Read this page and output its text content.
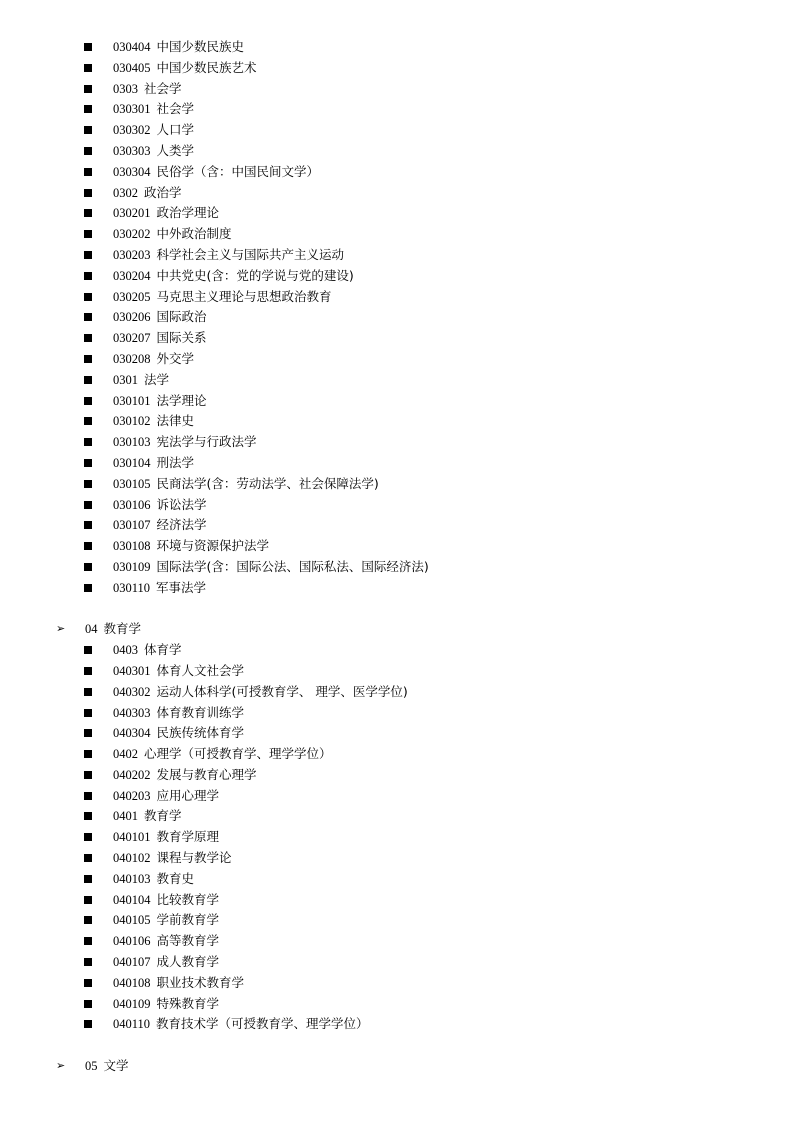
030404 中国少数民族史
030405 中国少数民族艺术
0303 社会学
030301 社会学
030302 人口学
030303 人类学
030304 民俗学（含：中国民间文学）
0302 政治学
030201 政治学理论
030202 中外政治制度
030203 科学社会主义与国际共产主义运动
030204 中共党史(含：党的学说与党的建设)
030205 马克思主义理论与思想政治教育
030206 国际政治
030207 国际关系
030208 外交学
0301 法学
030101 法学理论
030102 法律史
030103 宪法学与行政法学
030104 刑法学
030105 民商法学(含：劳动法学、社会保障法学)
030106 诉讼法学
030107 经济法学
030108 环境与资源保护法学
030109 国际法学(含：国际公法、国际私法、国际经济法)
030110 军事法学
➢ 04 教育学
0403 体育学
040301 体育人文社会学
040302 运动人体科学(可授教育学、 理学、医学学位)
040303 体育教育训练学
040304 民族传统体育学
0402 心理学（可授教育学、理学学位）
040202 发展与教育心理学
040203 应用心理学
0401 教育学
040101 教育学原理
040102 课程与教学论
040103 教育史
040104 比较教育学
040105 学前教育学
040106 高等教育学
040107 成人教育学
040108 职业技术教育学
040109 特殊教育学
040110 教育技术学（可授教育学、理学学位）
➢ 05 文学
